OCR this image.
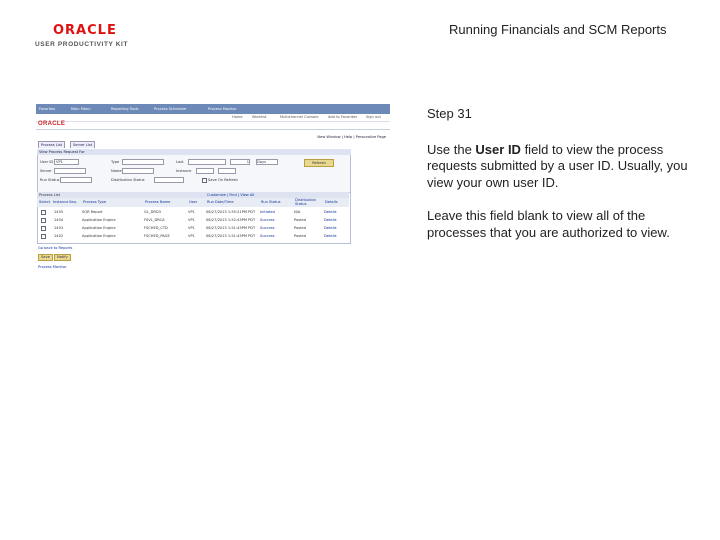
ORACLE
USER PRODUCTIVITY KIT
Running Financials and SCM Reports
Favorites	Main Menu	Reporting Tools	Process Scheduler	Process Monitor
Home	Worklist	Multichannel Console	Add to Favorites Sign out
ORACLE
New Window | Help | Personalize Page
Process List	Server List
View Process Request For
User ID VP1	Type	Last	1 Days
Server	Name	Instance
Run Status	Distribution Status	Save On Refresh
Refresh
Process List	Customize | Find | View All
Select Instance Seq. Process Type	Process Name	User	Run Date/Time	Run Status	Distribution Status	Details
1405	SQR Report	GL_DRD3	VP1	06/27/2013 1:55:21PM PDT Initiated	N/A	Details
1404	Application Engine	FSVL_DRCA	VP1	06/27/2013 1:52:43PM PDT Success	Posted	Details
1403	Application Engine	FSCHED_CTD	VP1	06/27/2013 1:51:43PM PDT Success	Posted	Details
1402	Application Engine	FSCHED_PAGE	VP1	06/27/2013 1:51:43PM PDT Success	Posted	Details
Go back to Reports
Save	Notify
Process Monitor

Step 31

Use the User ID field to view the process requests submitted by a user ID. Usually, you view your own user ID.

Leave this field blank to view all of the processes that you are authorized to view.
